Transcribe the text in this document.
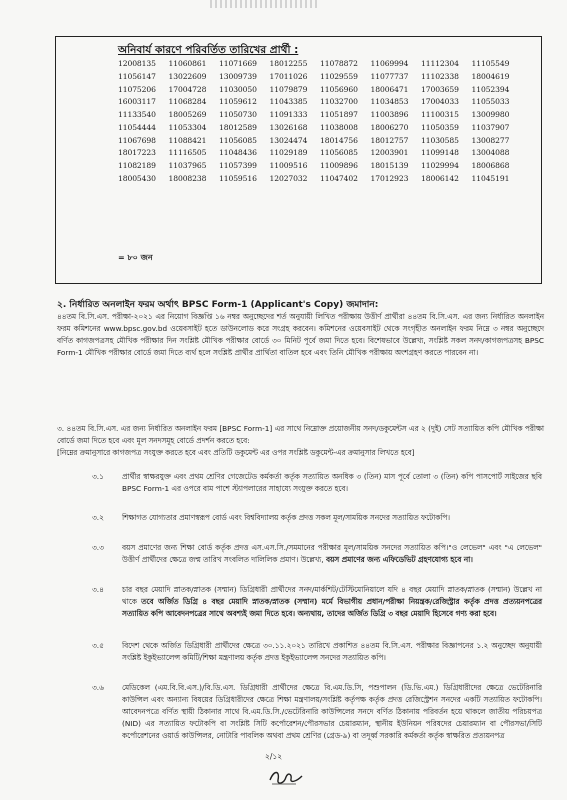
অনিবার্য কারণে পরিবর্তিত তারিখের প্রার্থী :
12008135	11060861	11071669	18012255	11078872	11069994	11112304	11105549
11056147	13022609	13009739	17011026	11029559	11077737	11102338	18004619
11075206	17004728	11030050	11079879	11056960	18006471	17003659	11052394
16003117	11068284	11059612	11043385	11032700	11034853	17004033	11055033
11133540	18005269	11050730	11091333	11051897	11003896	11100315	13009980
11054444	11053304	18012589	13026168	11038008	18006270	11050359	11037907
11067698	11088421	11056085	13024474	18014756	18012757	11030585	13008277
18017223	11116505	11048436	11029189	11056085	12003901	11099148	13004088
11082189	11037965	11057399	11009516	11009896	18015139	11029994	18006868
18005430	18008238	11059516	12027032	11047402	17012923	18006142	11045191
= ৮০ জন
২. নির্ধারিত অনলাইন ফরম অর্থাৎ BPSC Form-1 (Applicant's Copy) জমাদান:
৪৪তম বি.সি.এস. পরীক্ষা-২০২১ এর নিয়োগ বিজ্ঞপ্তি ১৬ নম্বর অনুচ্ছেদের শর্ত অনুযায়ী লিখিত পরীক্ষায় উত্তীর্ণ প্রার্থীরা ৪৪তম বি.সি.এস. এর জন্য নির্ধারিত অনলাইন ফরম কমিশনের www.bpsc.gov.bd ওয়েবসাইট হতে ডাউনলোড করে সংগ্রহ করবেন। কমিশনের ওয়েবসাইট থেকে সংগৃহীত অনলাইন ফরম নিম্নে ৩ নম্বর অনুচ্ছেদে বর্ণিত কাগজপত্রসহ মৌখিক পরীক্ষার দিন সংশ্লিষ্ট মৌখিক পরীক্ষার বোর্ডে ৩০ মিনিট পূর্বে জমা দিতে হবে। বিশেষভাবে উল্লেখ্য, সংশ্লিষ্ট সকল সনদ/কাগজপত্রসহ BPSC Form-1 মৌখিক পরীক্ষার বোর্ডে জমা দিতে ব্যর্থ হলে সংশ্লিষ্ট প্রার্থীর প্রার্থিতা বাতিল হবে এবং তিনি মৌখিক পরীক্ষায় অংশগ্রহণ করতে পারবেন না।
৩. ৪৪তম বি.সি.এস. এর জন্য নির্ধারিত অনলাইন ফরম [BPSC Form-1] এর সাথে নিম্নোক্ত প্রয়োজনীয় সনদ/ডকুমেন্টস এর ২ (দুই) সেট সত্যায়িত কপি মৌখিক পরীক্ষা বোর্ডে জমা দিতে হবে এবং মূল সনদসমূহ বোর্ডে প্রদর্শন করতে হবে:
[নিম্নের ক্রমানুসারে কাগজপত্র সংযুক্ত করতে হবে এবং প্রতিটি ডকুমেন্ট এর ওপর সংশ্লিষ্ট ডকুমেন্ট-এর ক্রমানুসার লিখতে হবে]
৩.১ প্রার্থীর স্বাক্ষরযুক্ত এবং প্রথম শ্রেণির গেজেটেড কর্মকর্তা কর্তৃক সত্যায়িত অনধিক ৩ (তিন) মাস পূর্বে তোলা ৩ (তিন) কপি পাসপোর্ট সাইজের ছবি BPSC Form-1 এর ওপরে বাম পাশে স্ট্যাপলারের সাহায্যে সংযুক্ত করতে হবে।
৩.২ শিক্ষাগত যোগ্যতার প্রমাণস্বরূপ বোর্ড এবং বিশ্ববিদ্যালয় কর্তৃক প্রদত্ত সকল মূল/সাময়িক সনদের সত্যায়িত ফটোকপি।
৩.৩ বয়স প্রমাণের জন্য শিক্ষা বোর্ড কর্তৃক প্রদত্ত এস.এস.সি./সমমানের পরীক্ষার মূল/সাময়িক সনদের সত্যায়িত কপি।"ও লেভেল" এবং "এ লেভেল" উত্তীর্ণ প্রার্থীদের ক্ষেত্রে জন্ম তারিখ সংবলিত দালিলিক প্রমাণ। উল্লেখ্য, বয়স প্রমাণের জন্য এফিডেভিট গ্রহণযোগ্য হবে না।
৩.৪ চার বছর মেয়াদি স্নাতক/স্নাতক (সম্মান) ডিগ্রিধারী প্রার্থীদের সনদ/মার্কশিট/টেস্টিমোনিয়ালে যদি ৪ বছর মেয়াদি স্নাতক/স্নাতক (সম্মান) উল্লেখ না থাকে তবে অর্জিত ডিগ্রি ৪ বছর মেয়াদি স্নাতক/স্নাতক (সম্মান) মর্মে বিভাগীয় প্রধান/পরীক্ষা নিয়ন্ত্রক/রেজিস্ট্রার কর্তৃক প্রদত্ত প্রত্যয়নপত্রের সত্যায়িত কপি আবেদনপত্রের সাথে অবশ্যই জমা দিতে হবে। অন্যথায়, তাদের অর্জিত ডিগ্রি ৩ বছর মেয়াদি হিসেবে গণ্য করা হবে।
৩.৫ বিদেশ থেকে অর্জিত ডিগ্রিধারী প্রার্থীদের ক্ষেত্রে ৩০.১১.২০২১ তারিখে প্রকাশিত ৪৪তম বি.সি.এস. পরীক্ষার বিজ্ঞাপনের ১.২ অনুচ্ছেদ অনুযায়ী সংশ্লিষ্ট ইকুইভ্যালেন্স কমিটি/শিক্ষা মন্ত্রণালয় কর্তৃক প্রদত্ত ইকুইভ্যালেন্স সনদের সত্যায়িত কপি।
৩.৬ মেডিকেল (এম.বি.বি.এস.)/বি.ডি.এস. ডিগ্রিধারী প্রার্থীদের ক্ষেত্রে বি.এম.ডি.সি, পশুপালন (ডি.ভি.এম.) ডিগ্রিধারীদের ক্ষেত্রে ভেটেরিনারি কাউন্সিল এবং অন্যান্য বিষয়ের ডিগ্রিধারীদের ক্ষেত্রে শিক্ষা মন্ত্রণালয়/সংশ্লিষ্ট কর্তৃপক্ষ কর্তৃক প্রদত্ত রেজিস্ট্রেশন সনদের একটি সত্যায়িত ফটোকপি। আবেদনপত্রে বর্ণিত স্থায়ী ঠিকানার সাথে বি.এম.ডি.সি./ভেটেরিনারি কাউন্সিলের সনদে বর্ণিত ঠিকানায় পরিবর্তন হয়ে থাকলে জাতীয় পরিচয়পত্র (NID) এর সত্যায়িত ফটোকপি বা সংশ্লিষ্ট সিটি কর্পোরেশন/পৌরসভার চেয়ারম্যান, স্থানীয় ইউনিয়ন পরিষদের চেয়ারম্যান বা পৌরসভা/সিটি কর্পোরেশনের ওয়ার্ড কাউন্সিলর, নোটারি পাবলিক অথবা প্রথম শ্রেণির (গ্রেড-৯) বা তদূর্ধ্ব সরকারি কর্মকর্তা কর্তৃক স্বাক্ষরিত প্রত্যয়নপত্র
২/১২
